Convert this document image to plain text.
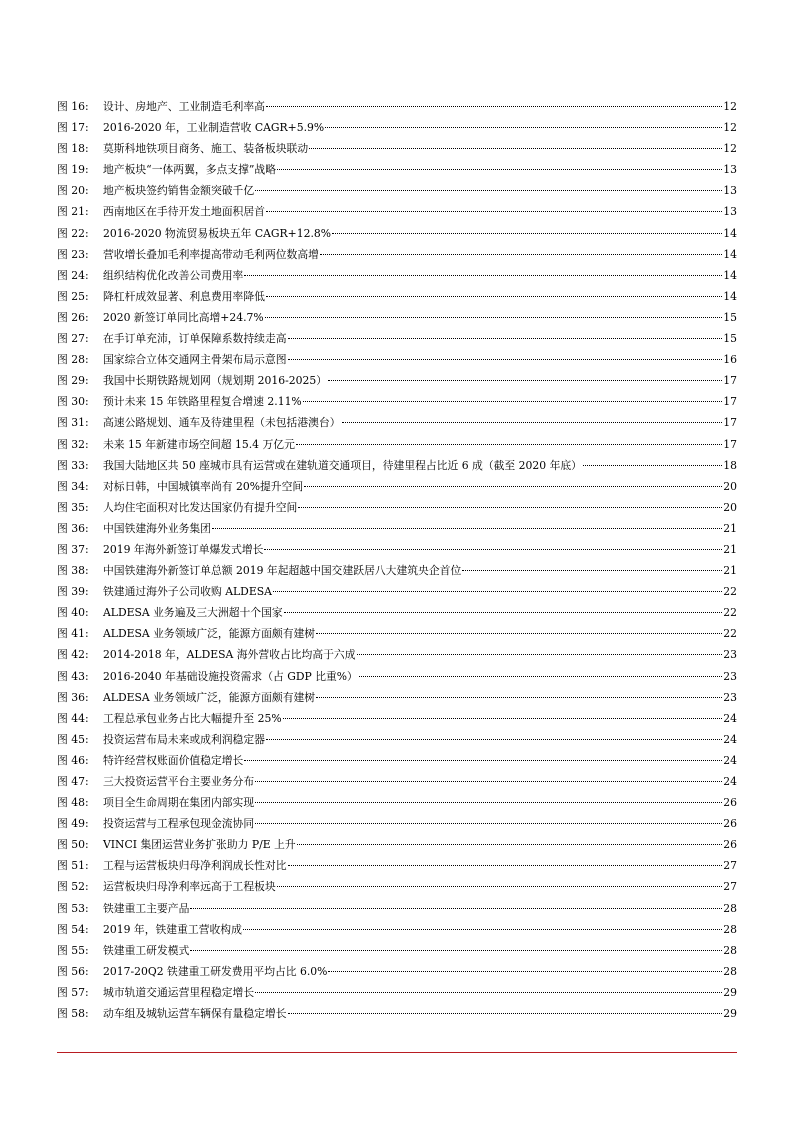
图 16:	设计、房地产、工业制造毛利率高	12
图 17:	2016-2020 年，工业制造营收 CAGR+5.9%	12
图 18:	莫斯科地铁项目商务、施工、装备板块联动	12
图 19:	地产板块“一体两翼，多点支撑”战略	13
图 20:	地产板块签约销售金额突破千亿	13
图 21:	西南地区在手待开发土地面积居首	13
图 22:	2016-2020 物流贸易板块五年 CAGR+12.8%	14
图 23:	营收增长叠加毛利率提高带动毛利两位数高增	14
图 24:	组织结构优化改善公司费用率	14
图 25:	降杠杆成效显著、利息费用率降低	14
图 26:	2020 新签订单同比高增+24.7%	15
图 27:	在手订单充沛，订单保障系数持续走高	15
图 28:	国家综合立体交通网主骨架布局示意图	16
图 29:	我国中长期铁路规划网（规划期 2016-2025）	17
图 30:	预计未来 15 年铁路里程复合增速 2.11%	17
图 31:	高速公路规划、通车及待建里程（未包括港澳台）	17
图 32:	未来 15 年新建市场空间超 15.4 万亿元	17
图 33:	我国大陆地区共 50 座城市具有运营或在建轨道交通项目，待建里程占比近 6 成（截至 2020 年底）	18
图 34:	对标日韩，中国城镇率尚有 20%提升空间	20
图 35:	人均住宅面积对比发达国家仍有提升空间	20
图 36:	中国铁建海外业务集团	21
图 37:	2019 年海外新签订单爆发式增长	21
图 38:	中国铁建海外新签订单总额 2019 年起超越中国交建跃居八大建筑央企首位	21
图 39:	铁建通过海外子公司收购 ALDESA	22
图 40:	ALDESA 业务遍及三大洲超十个国家	22
图 41:	ALDESA 业务领域广泛，能源方面颇有建树	22
图 42:	2014-2018 年，ALDESA 海外营收占比均高于六成	23
图 43:	2016-2040 年基础设施投资需求（占 GDP 比重%）	23
图 36:	ALDESA 业务领域广泛，能源方面颇有建树	23
图 44:	工程总承包业务占比大幅提升至 25%	24
图 45:	投资运营布局未来或成利润稳定器	24
图 46:	特许经营权账面价值稳定增长	24
图 47:	三大投资运营平台主要业务分布	24
图 48:	项目全生命周期在集团内部实现	26
图 49:	投资运营与工程承包现金流协同	26
图 50:	VINCI 集团运营业务扩张助力 P/E 上升	26
图 51:	工程与运营板块归母净利润成长性对比	27
图 52:	运营板块归母净利率远高于工程板块	27
图 53:	铁建重工主要产品	28
图 54:	2019 年，铁建重工营收构成	28
图 55:	铁建重工研发模式	28
图 56:	2017-20Q2 铁建重工研发费用平均占比 6.0%	28
图 57:	城市轨道交通运营里程稳定增长	29
图 58:	动车组及城轨运营车辆保有量稳定增长	29
